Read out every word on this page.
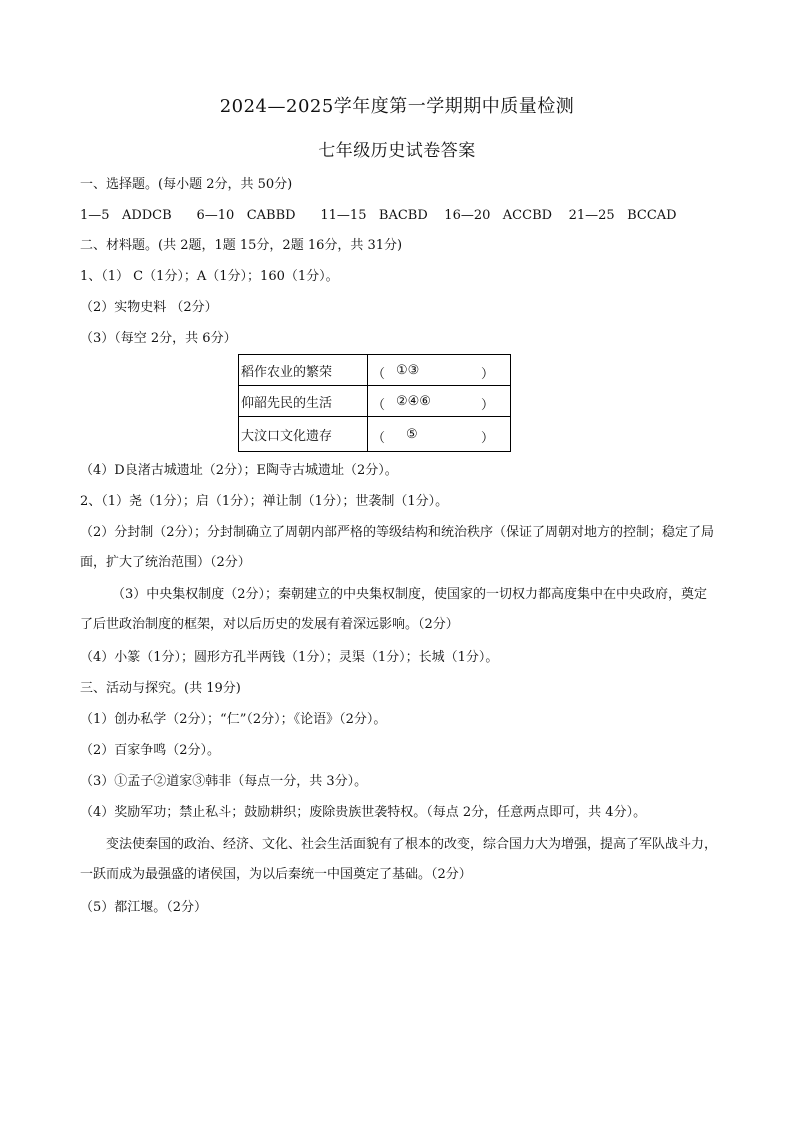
2024—2025学年度第一学期期中质量检测
七年级历史试卷答案
一、选择题。(每小题 2分，共 50分)
1—5 ADDCB 6—10 CABBD 11—15 BACBD 16—20 ACCBD 21—25 BCCAD
二、材料题。(共 2题，1题 15分，2题 16分，共 31分)
1、（1） C（1分）；A（1分）；160（1分）。
（2）实物史料 （2分）
（3）（每空 2分，共 6分）
稻作农业的繁荣	（ ①③ ）

仰韶先民的生活	（ ②④⑥ ）

大汶口文化遗存	（ ⑤ ）
（4）D良渚古城遗址（2分）；E陶寺古城遗址（2分）。
2、（1）尧（1分）；启（1分）；禅让制（1分）；世袭制（1分）。
（2）分封制（2分）；分封制确立了周朝内部严格的等级结构和统治秩序（保证了周朝对地方的控制；稳定了局面，扩大了统治范围）（2分）
（3）中央集权制度（2分）；秦朝建立的中央集权制度，使国家的一切权力都高度集中在中央政府，奠定了后世政治制度的框架，对以后历史的发展有着深远影响。（2分）
（4）小篆（1分）；圆形方孔半两钱（1分）；灵渠（1分）；长城（1分）。
三、活动与探究。(共 19分)
（1）创办私学（2分）；“仁”（2分）；《论语》（2分）。
（2）百家争鸣（2分）。
（3）①孟子②道家③韩非（每点一分，共 3分）。
（4）奖励军功；禁止私斗；鼓励耕织；废除贵族世袭特权。（每点 2分，任意两点即可，共 4分）。
变法使秦国的政治、经济、文化、社会生活面貌有了根本的改变，综合国力大为增强，提高了军队战斗力，一跃而成为最强盛的诸侯国，为以后秦统一中国奠定了基础。（2分）
（5）都江堰。（2分）
